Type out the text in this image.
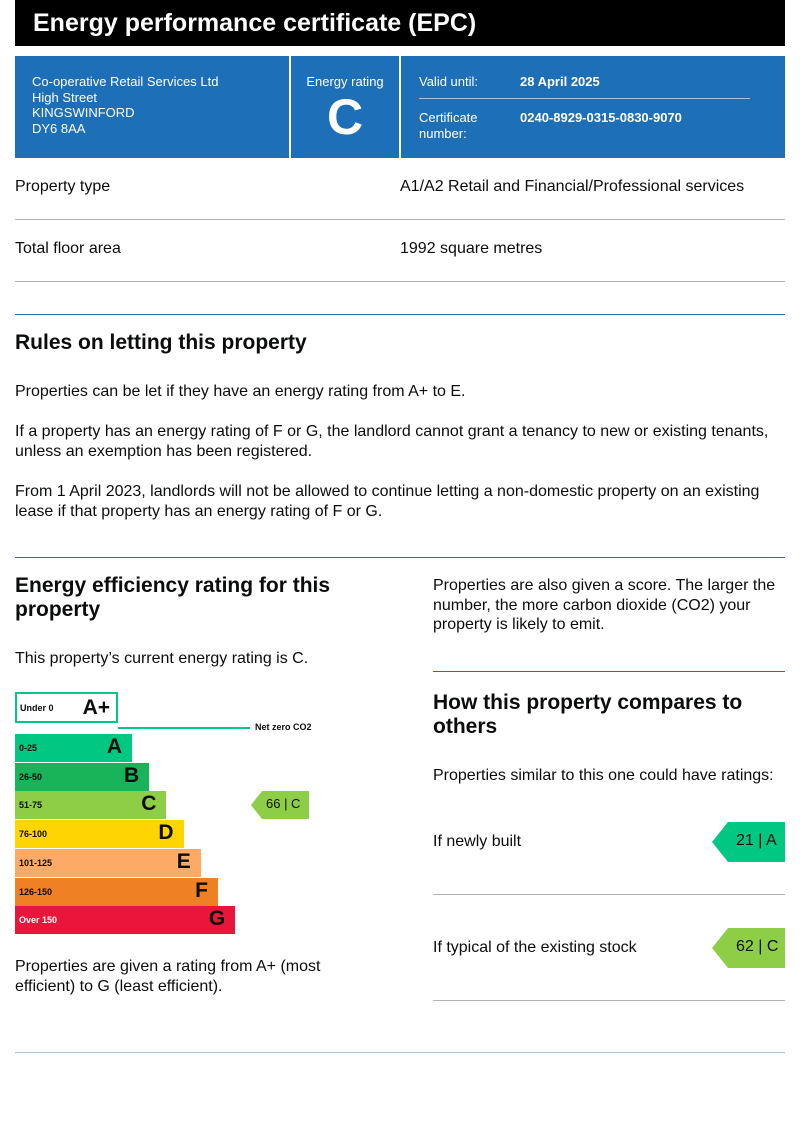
Energy performance certificate (EPC)
Co-operative Retail Services Ltd
High Street
KINGSWINFORD
DY6 8AA
Energy rating
C
Valid until:	28 April 2025
Certificate number:
0240-8929-0315-0830-9070
Property type	A1/A2 Retail and Financial/Professional services
Total floor area	1992 square metres
Rules on letting this property
Properties can be let if they have an energy rating from A+ to E.
If a property has an energy rating of F or G, the landlord cannot grant a tenancy to new or existing tenants, unless an exemption has been registered.
From 1 April 2023, landlords will not be allowed to continue letting a non-domestic property on an existing lease if that property has an energy rating of F or G.
Energy efficiency rating for this property
This property’s current energy rating is C.
Under 0 A+
Net zero CO2
0-25	A
26-50	B
51-75	C
76-100	D
101-125	E
126-150	F
Over 150	G
66 | C
Properties are given a rating from A+ (most efficient) to G (least efficient).
Properties are also given a score. The larger the number, the more carbon dioxide (CO2) your property is likely to emit.
How this property compares to others
Properties similar to this one could have ratings:
If newly built	21 | A
If typical of the existing stock	62 | C
